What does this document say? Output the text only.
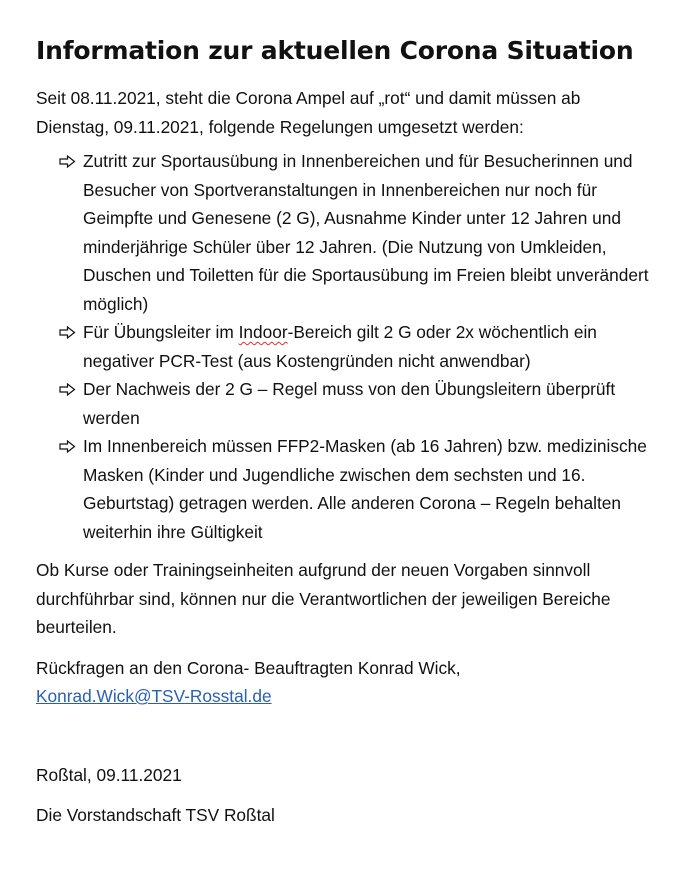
Information zur aktuellen Corona Situation

Seit 08.11.2021, steht die Corona Ampel auf „rot“ und damit müssen ab Dienstag, 09.11.2021, folgende Regelungen umgesetzt werden:

Zutritt zur Sportausübung in Innenbereichen und für Besucherinnen und Besucher von Sportveranstaltungen in Innenbereichen nur noch für Geimpfte und Genesene (2 G), Ausnahme Kinder unter 12 Jahren und minderjährige Schüler über 12 Jahren. (Die Nutzung von Umkleiden, Duschen und Toiletten für die Sportausübung im Freien bleibt unverändert möglich)
Für Übungsleiter im Indoor-Bereich gilt 2 G oder 2x wöchentlich ein negativer PCR-Test (aus Kostengründen nicht anwendbar)
Der Nachweis der 2 G – Regel muss von den Übungsleitern überprüft werden
Im Innenbereich müssen FFP2-Masken (ab 16 Jahren) bzw. medizinische Masken (Kinder und Jugendliche zwischen dem sechsten und 16. Geburtstag) getragen werden. Alle anderen Corona – Regeln behalten weiterhin ihre Gültigkeit

Ob Kurse oder Trainingseinheiten aufgrund der neuen Vorgaben sinnvoll durchführbar sind, können nur die Verantwortlichen der jeweiligen Bereiche beurteilen.

Rückfragen an den Corona- Beauftragten Konrad Wick,
Konrad.Wick@TSV-Rosstal.de

Roßtal, 09.11.2021

Die Vorstandschaft TSV Roßtal
